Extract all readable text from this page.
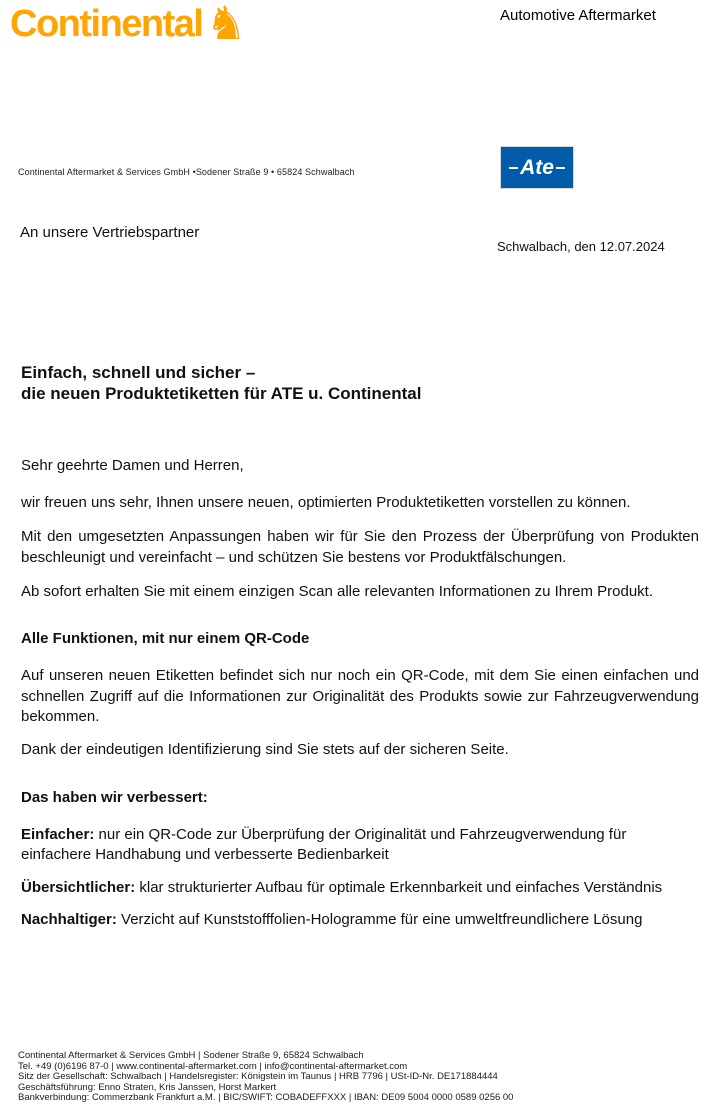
Continental ♞	Automotive Aftermarket
Continental Aftermarket & Services GmbH •Sodener Straße 9 • 65824 Schwalbach	Ate
An unsere Vertriebspartner
Schwalbach, den 12.07.2024
Einfach, schnell und sicher –
die neuen Produktetiketten für ATE u. Continental

Sehr geehrte Damen und Herren,

wir freuen uns sehr, Ihnen unsere neuen, optimierten Produktetiketten vorstellen zu können.

Mit den umgesetzten Anpassungen haben wir für Sie den Prozess der Überprüfung von Produkten beschleunigt und vereinfacht – und schützen Sie bestens vor Produktfälschungen.

Ab sofort erhalten Sie mit einem einzigen Scan alle relevanten Informationen zu Ihrem Produkt.

Alle Funktionen, mit nur einem QR-Code

Auf unseren neuen Etiketten befindet sich nur noch ein QR-Code, mit dem Sie einen einfachen und schnellen Zugriff auf die Informationen zur Originalität des Produkts sowie zur Fahrzeugverwendung bekommen.

Dank der eindeutigen Identifizierung sind Sie stets auf der sicheren Seite.

Das haben wir verbessert:

Einfacher: nur ein QR-Code zur Überprüfung der Originalität und Fahrzeugverwendung für einfachere Handhabung und verbesserte Bedienbarkeit

Übersichtlicher: klar strukturierter Aufbau für optimale Erkennbarkeit und einfaches Verständnis

Nachhaltiger: Verzicht auf Kunststofffolien-Hologramme für eine umweltfreundlichere Lösung

Continental Aftermarket & Services GmbH | Sodener Straße 9, 65824 Schwalbach
Tel. +49 (0)6196 87-0 | www.continental-aftermarket.com | info@continental-aftermarket.com
Sitz der Gesellschaft: Schwalbach | Handelsregister: Königstein im Taunus | HRB 7796 | USt-ID-Nr. DE171884444
Geschäftsführung: Enno Straten, Kris Janssen, Horst Markert
Bankverbindung: Commerzbank Frankfurt a.M. | BIC/SWIFT: COBADEFFXXX | IBAN: DE09 5004 0000 0589 0256 00
